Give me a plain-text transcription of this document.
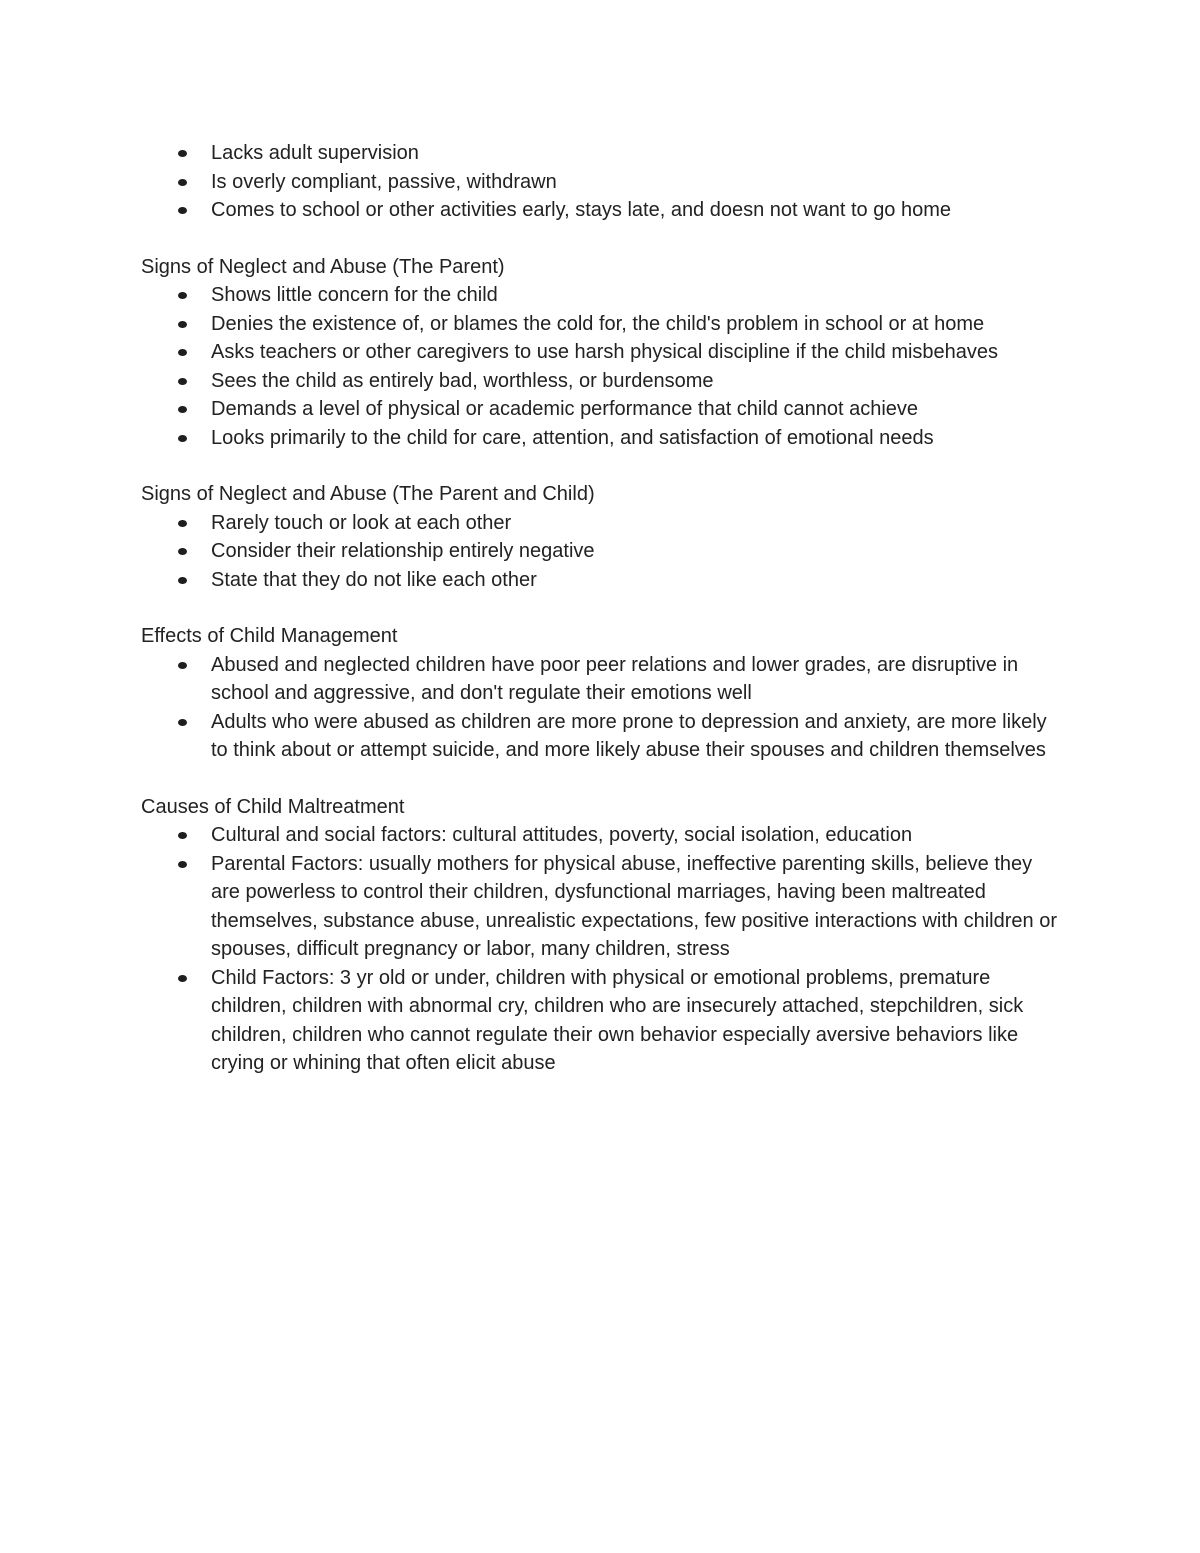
Lacks adult supervision
Is overly compliant, passive, withdrawn
Comes to school or other activities early, stays late, and doesn not want to go home

Signs of Neglect and Abuse (The Parent)

Shows little concern for the child
Denies the existence of, or blames the cold for, the child's problem in school or at home
Asks teachers or other caregivers to use harsh physical discipline if the child misbehaves
Sees the child as entirely bad, worthless, or burdensome
Demands a level of physical or academic performance that child cannot achieve
Looks primarily to the child for care, attention, and satisfaction of emotional needs

Signs of Neglect and Abuse (The Parent and Child)

Rarely touch or look at each other
Consider their relationship entirely negative
State that they do not like each other

Effects of Child Management

Abused and neglected children have poor peer relations and lower grades, are disruptive in school and aggressive, and don't regulate their emotions well
Adults who were abused as children are more prone to depression and anxiety, are more likely to think about or attempt suicide, and more likely abuse their spouses and children themselves

Causes of Child Maltreatment

Cultural and social factors: cultural attitudes, poverty, social isolation, education
Parental Factors: usually mothers for physical abuse, ineffective parenting skills, believe they are powerless to control their children, dysfunctional marriages, having been maltreated themselves, substance abuse, unrealistic expectations, few positive interactions with children or spouses, difficult pregnancy or labor, many children, stress
Child Factors: 3 yr old or under, children with physical or emotional problems, premature children, children with abnormal cry, children who are insecurely attached, stepchildren, sick children, children who cannot regulate their own behavior especially aversive behaviors like crying or whining that often elicit abuse
